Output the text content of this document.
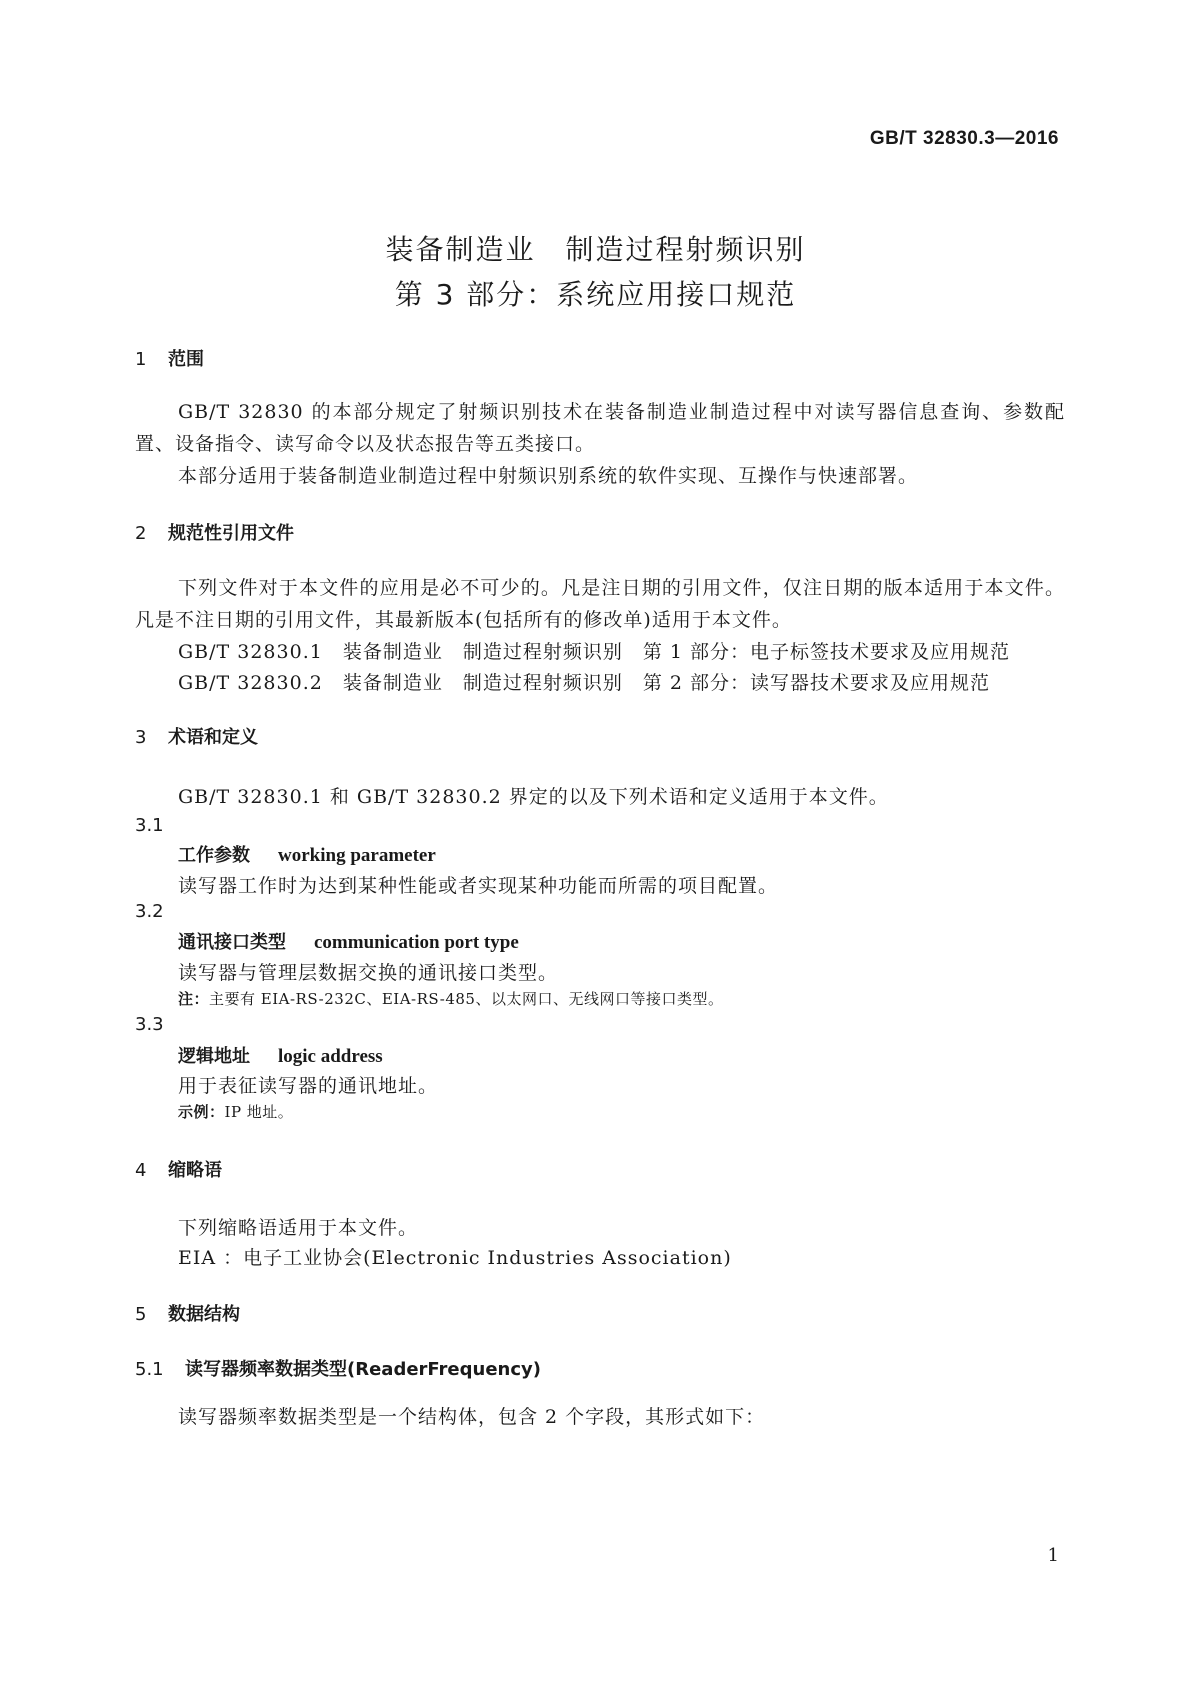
GB/T 32830.3—2016
装备制造业　制造过程射频识别
第 3 部分：系统应用接口规范
1 范围
GB/T 32830 的本部分规定了射频识别技术在装备制造业制造过程中对读写器信息查询、参数配置、设备指令、读写命令以及状态报告等五类接口。
本部分适用于装备制造业制造过程中射频识别系统的软件实现、互操作与快速部署。
2 规范性引用文件
下列文件对于本文件的应用是必不可少的。凡是注日期的引用文件，仅注日期的版本适用于本文件。凡是不注日期的引用文件，其最新版本(包括所有的修改单)适用于本文件。
GB/T 32830.1　装备制造业　制造过程射频识别　第 1 部分：电子标签技术要求及应用规范
GB/T 32830.2　装备制造业　制造过程射频识别　第 2 部分：读写器技术要求及应用规范
3 术语和定义
GB/T 32830.1 和 GB/T 32830.2 界定的以及下列术语和定义适用于本文件。
3.1
工作参数 working parameter
读写器工作时为达到某种性能或者实现某种功能而所需的项目配置。
3.2
通讯接口类型 communication port type
读写器与管理层数据交换的通讯接口类型。
注：主要有 EIA-RS-232C、EIA-RS-485、以太网口、无线网口等接口类型。
3.3
逻辑地址 logic address
用于表征读写器的通讯地址。
示例：IP 地址。
4 缩略语
下列缩略语适用于本文件。
EIA ：电子工业协会(Electronic Industries Association)
5 数据结构
5.1 读写器频率数据类型(ReaderFrequency)
读写器频率数据类型是一个结构体，包含 2 个字段，其形式如下：
1
